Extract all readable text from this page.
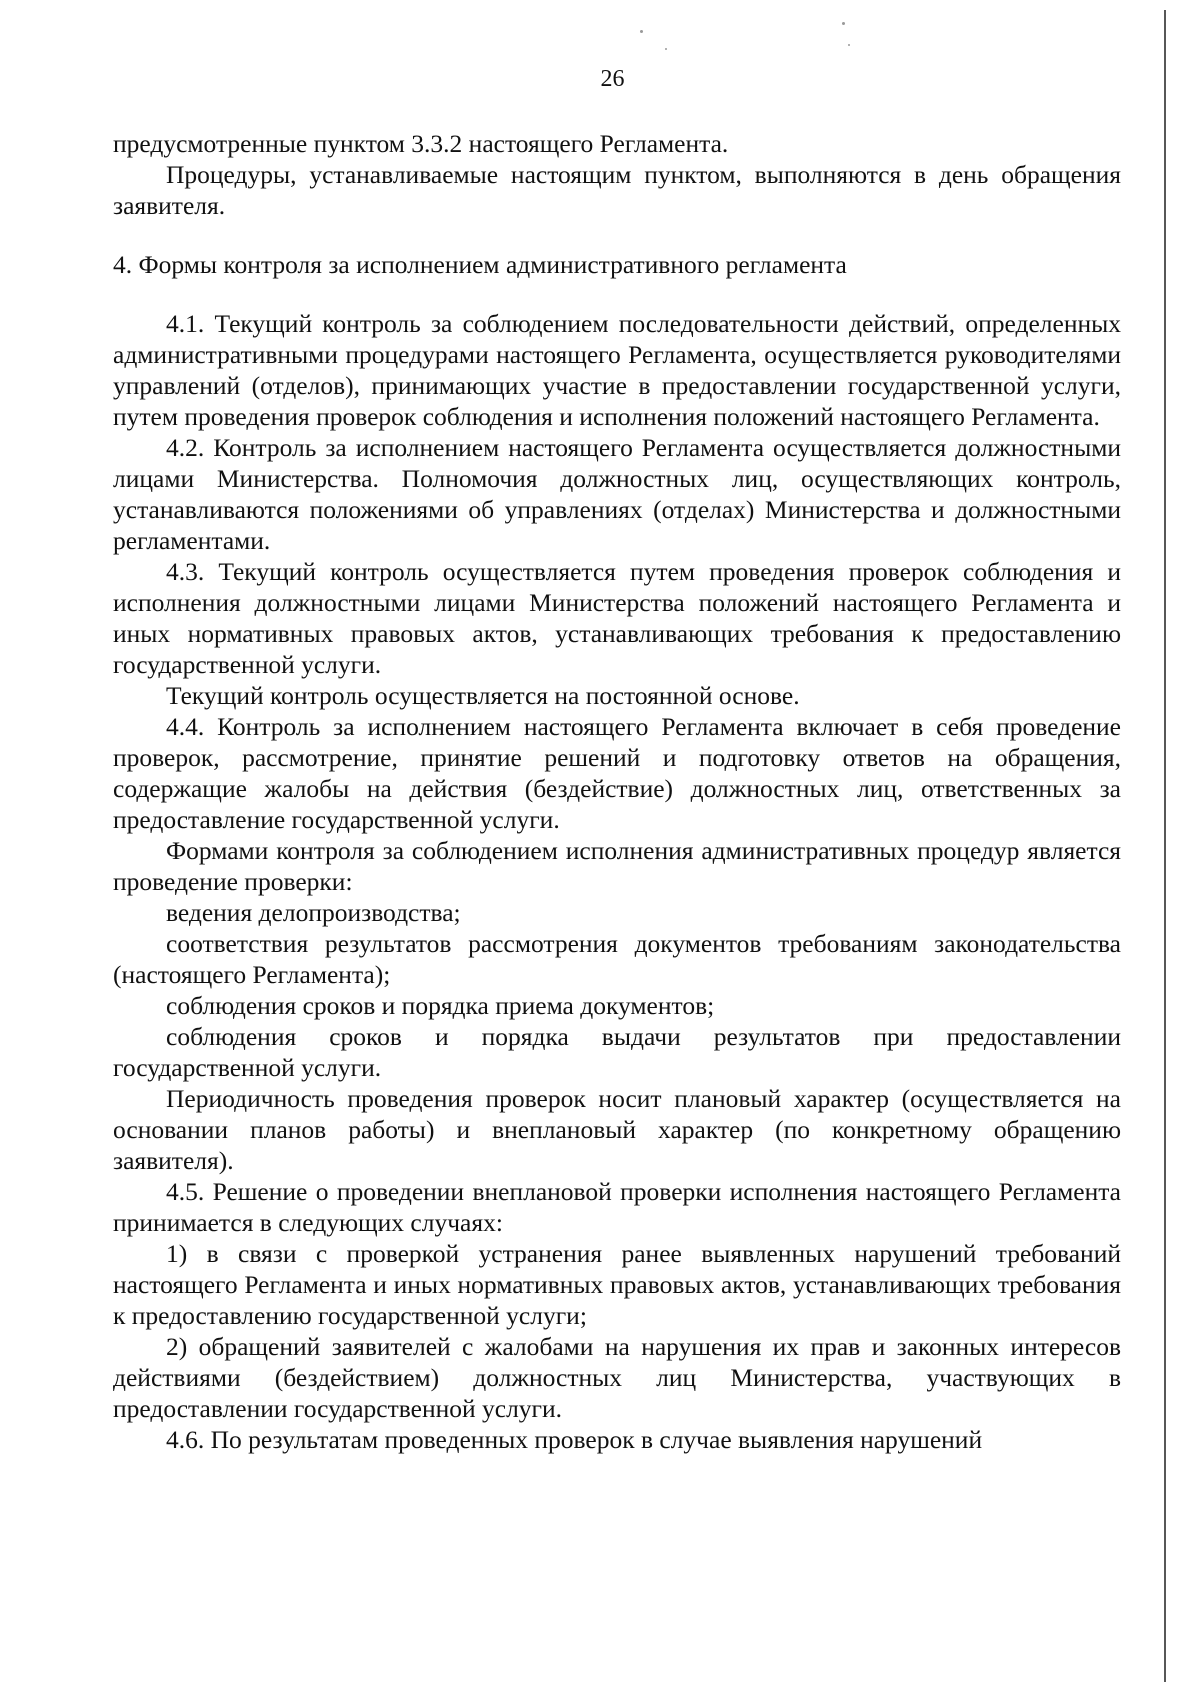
26

предусмотренные пунктом 3.3.2 настоящего Регламента.

Процедуры, устанавливаемые настоящим пунктом, выполняются в день обращения заявителя.

4. Формы контроля за исполнением административного регламента

4.1. Текущий контроль за соблюдением последовательности действий, определенных административными процедурами настоящего Регламента, осуществляется руководителями управлений (отделов), принимающих участие в предоставлении государственной услуги, путем проведения проверок соблюдения и исполнения положений настоящего Регламента.

4.2. Контроль за исполнением настоящего Регламента осуществляется должностными лицами Министерства. Полномочия должностных лиц, осуществляющих контроль, устанавливаются положениями об управлениях (отделах) Министерства и должностными регламентами.

4.3. Текущий контроль осуществляется путем проведения проверок соблюдения и исполнения должностными лицами Министерства положений настоящего Регламента и иных нормативных правовых актов, устанавливающих требования к предоставлению государственной услуги.

Текущий контроль осуществляется на постоянной основе.

4.4. Контроль за исполнением настоящего Регламента включает в себя проведение проверок, рассмотрение, принятие решений и подготовку ответов на обращения, содержащие жалобы на действия (бездействие) должностных лиц, ответственных за предоставление государственной услуги.

Формами контроля за соблюдением исполнения административных процедур является проведение проверки:

ведения делопроизводства;

соответствия результатов рассмотрения документов требованиям законодательства (настоящего Регламента);

соблюдения сроков и порядка приема документов;

соблюдения сроков и порядка выдачи результатов при предоставлении государственной услуги.

Периодичность проведения проверок носит плановый характер (осуществляется на основании планов работы) и внеплановый характер (по конкретному обращению заявителя).

4.5. Решение о проведении внеплановой проверки исполнения настоящего Регламента принимается в следующих случаях:

1) в связи с проверкой устранения ранее выявленных нарушений требований настоящего Регламента и иных нормативных правовых актов, устанавливающих требования к предоставлению государственной услуги;

2) обращений заявителей с жалобами на нарушения их прав и законных интересов действиями (бездействием) должностных лиц Министерства, участвующих в предоставлении государственной услуги.

4.6. По результатам проведенных проверок в случае выявления нарушений
